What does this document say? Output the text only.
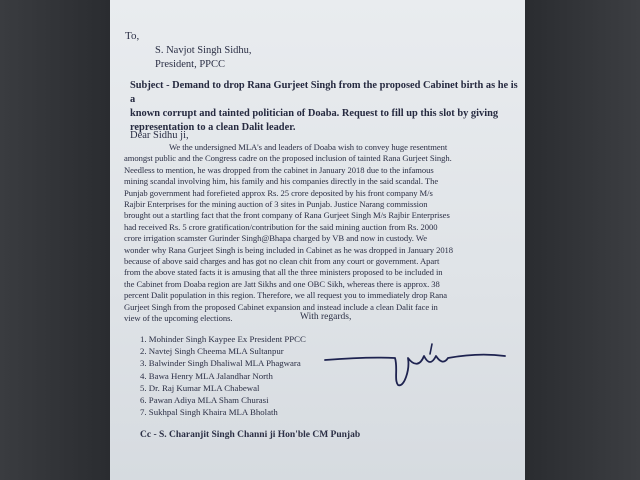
To,
S. Navjot Singh Sidhu,
President, PPCC
Subject - Demand to drop Rana Gurjeet Singh from the proposed Cabinet birth as he is a
known corrupt and tainted politician of Doaba. Request to fill up this slot by giving
representation to a clean Dalit leader.
Dear Sidhu ji,
We the undersigned MLA's and leaders of Doaba wish to convey huge resentment
amongst public and the Congress cadre on the proposed inclusion of tainted Rana Gurjeet Singh.
Needless to mention, he was dropped from the cabinet in January 2018 due to the infamous
mining scandal involving him, his family and his companies directly in the said scandal. The
Punjab government had forefieted approx Rs. 25 crore deposited by his front company M/s
Rajbir Enterprises for the mining auction of 3 sites in Punjab. Justice Narang commission
brought out a startling fact that the front company of Rana Gurjeet Singh M/s Rajbir Enterprises
had received Rs. 5 crore gratification/contribution for the said mining auction from Rs. 2000
crore irrigation scamster Gurinder Singh@Bhapa charged by VB and now in custody. We
wonder why Rana Gurjeet Singh is being included in Cabinet as he was dropped in January 2018
because of above said charges and has got no clean chit from any court or government. Apart
from the above stated facts it is amusing that all the three ministers proposed to be included in
the Cabinet from Doaba region are Jatt Sikhs and one OBC Sikh, whereas there is approx. 38
percent Dalit population in this region. Therefore, we all request you to immediately drop Rana
Gurjeet Singh from the proposed Cabinet expansion and instead include a clean Dalit face in
view of the upcoming elections.	With regards,
1. Mohinder Singh Kaypee Ex President PPCC
2. Navtej Singh Cheema MLA Sultanpur
3. Balwinder Singh Dhaliwal MLA Phagwara
4. Bawa Henry MLA Jalandhar North
5. Dr. Raj Kumar MLA Chabewal
6. Pawan Adiya MLA Sham Churasi
7. Sukhpal Singh Khaira MLA Bholath
Cc - S. Charanjit Singh Channi ji Hon'ble CM Punjab
